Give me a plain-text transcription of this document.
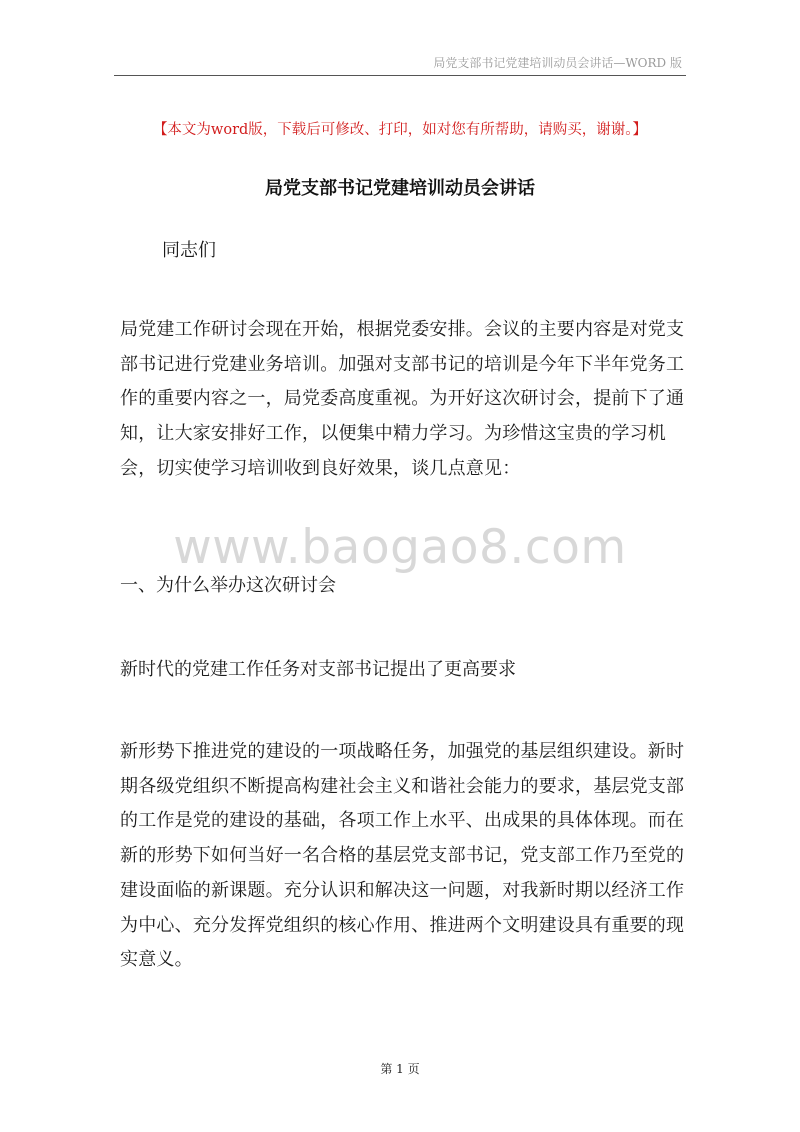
局党支部书记党建培训动员会讲话—WORD 版
【本文为word版，下载后可修改、打印，如对您有所帮助，请购买，谢谢。】
局党支部书记党建培训动员会讲话
同志们
局党建工作研讨会现在开始，根据党委安排。会议的主要内容是对党支部书记进行党建业务培训。加强对支部书记的培训是今年下半年党务工作的重要内容之一，局党委高度重视。为开好这次研讨会，提前下了通知，让大家安排好工作，以便集中精力学习。为珍惜这宝贵的学习机会，切实使学习培训收到良好效果，谈几点意见：
www.baogao8.com
一、为什么举办这次研讨会
新时代的党建工作任务对支部书记提出了更高要求
新形势下推进党的建设的一项战略任务，加强党的基层组织建设。新时期各级党组织不断提高构建社会主义和谐社会能力的要求，基层党支部的工作是党的建设的基础，各项工作上水平、出成果的具体体现。而在新的形势下如何当好一名合格的基层党支部书记，党支部工作乃至党的建设面临的新课题。充分认识和解决这一问题，对我新时期以经济工作为中心、充分发挥党组织的核心作用、推进两个文明建设具有重要的现实意义。
第 1 页
